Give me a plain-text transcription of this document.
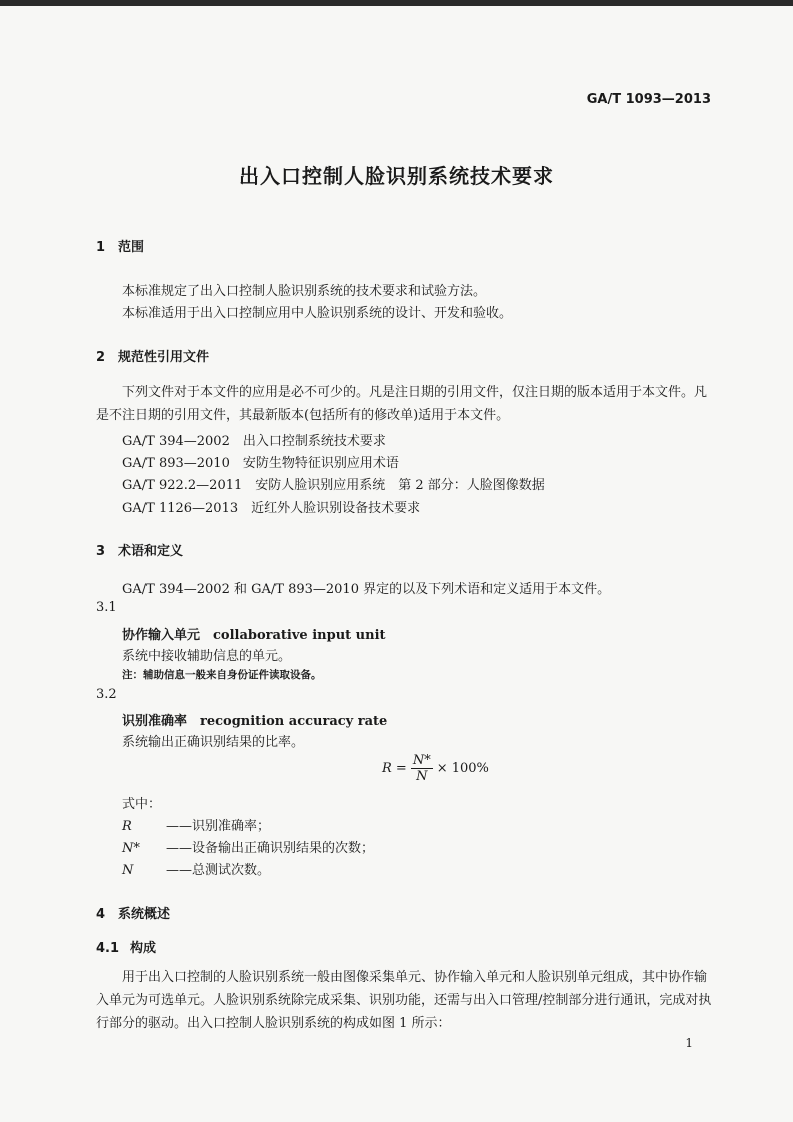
GA/T 1093—2013
出入口控制人脸识别系统技术要求
1 范围
本标准规定了出入口控制人脸识别系统的技术要求和试验方法。
本标准适用于出入口控制应用中人脸识别系统的设计、开发和验收。
2 规范性引用文件
下列文件对于本文件的应用是必不可少的。凡是注日期的引用文件，仅注日期的版本适用于本文件。凡是不注日期的引用文件，其最新版本(包括所有的修改单)适用于本文件。
GA/T 394—2002　出入口控制系统技术要求
GA/T 893—2010　安防生物特征识别应用术语
GA/T 922.2—2011　安防人脸识别应用系统　第 2 部分：人脸图像数据
GA/T 1126—2013　近红外人脸识别设备技术要求
3 术语和定义
GA/T 394—2002 和 GA/T 893—2010 界定的以及下列术语和定义适用于本文件。
3.1
协作输入单元　collaborative input unit
系统中接收辅助信息的单元。
注：辅助信息一般来自身份证件读取设备。
3.2
识别准确率　recognition accuracy rate
系统输出正确识别结果的比率。
$R = \frac{N*}{N} \times 100\%$
式中：
R	——识别准确率；
N* ——设备输出正确识别结果的次数；
N	——总测试次数。
4 系统概述
4.1 构成
用于出入口控制的人脸识别系统一般由图像采集单元、协作输入单元和人脸识别单元组成，其中协作输入单元为可选单元。人脸识别系统除完成采集、识别功能，还需与出入口管理/控制部分进行通讯，完成对执行部分的驱动。出入口控制人脸识别系统的构成如图 1 所示：
1
